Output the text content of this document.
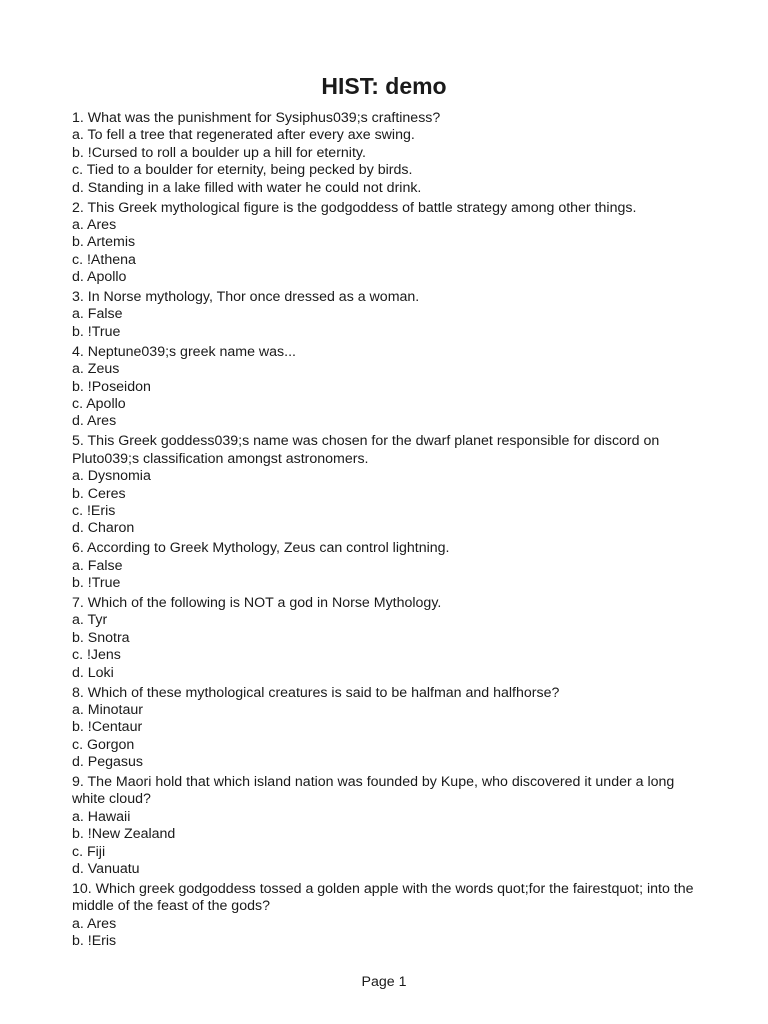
HIST: demo

1. What was the punishment for Sysiphus039;s craftiness?

a. To fell a tree that regenerated after every axe swing.

b. !Cursed to roll a boulder up a hill for eternity.

c. Tied to a boulder for eternity, being pecked by birds.

d. Standing in a lake filled with water he could not drink.

2. This Greek mythological figure is the godgoddess of battle strategy among other things.

a. Ares

b. Artemis

c. !Athena

d. Apollo

3. In Norse mythology, Thor once dressed as a woman.

a. False

b. !True

4. Neptune039;s greek name was...

a. Zeus

b. !Poseidon

c. Apollo

d. Ares

5. This Greek goddess039;s name was chosen for the dwarf planet responsible for discord on Pluto039;s classification amongst astronomers.

a. Dysnomia

b. Ceres

c. !Eris

d. Charon

6. According to Greek Mythology, Zeus can control lightning.

a. False

b. !True

7. Which of the following is NOT a god in Norse Mythology.

a. Tyr

b. Snotra

c. !Jens

d. Loki

8. Which of these mythological creatures is said to be halfman and halfhorse?

a. Minotaur

b. !Centaur

c. Gorgon

d. Pegasus

9. The Maori hold that which island nation was founded by Kupe, who discovered it under a long white cloud?

a. Hawaii

b. !New Zealand

c. Fiji

d. Vanuatu

10. Which greek godgoddess tossed a golden apple with the words quot;for the fairestquot; into the middle of the feast of the gods?

a. Ares

b. !Eris

Page 1
